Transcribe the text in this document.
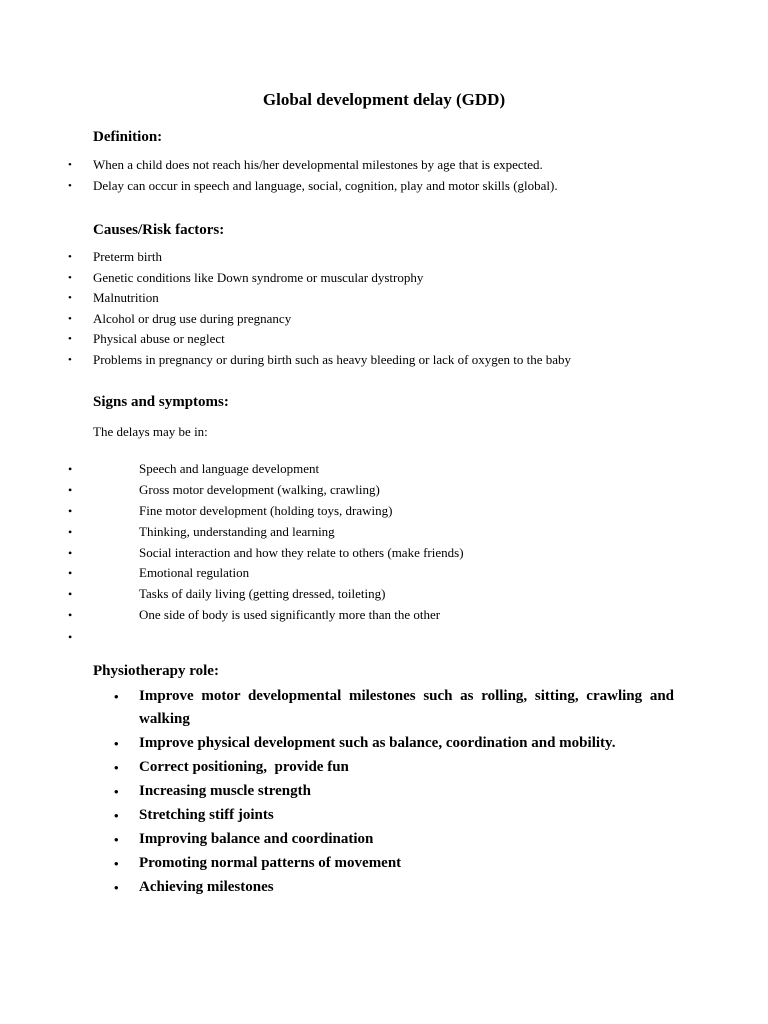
Global development delay (GDD)
Definition:
• When a child does not reach his/her developmental milestones by age that is expected.
• Delay can occur in speech and language, social, cognition, play and motor skills (global).
Causes/Risk factors:
• Preterm birth
• Genetic conditions like Down syndrome or muscular dystrophy
• Malnutrition
• Alcohol or drug use during pregnancy
• Physical abuse or neglect
• Problems in pregnancy or during birth such as heavy bleeding or lack of oxygen to the baby
Signs and symptoms:
The delays may be in:
•	Speech and language development
•	Gross motor development (walking, crawling)
•	Fine motor development (holding toys, drawing)
•	Thinking, understanding and learning
•	Social interaction and how they relate to others (make friends)
•	Emotional regulation
•	Tasks of daily living (getting dressed, toileting)
•	One side of body is used significantly more than the other
•
Physiotherapy role:
• Improve motor developmental milestones such as rolling, sitting, crawling and walking
• Improve physical development such as balance, coordination and mobility.
• Correct positioning,  provide fun
• Increasing muscle strength
• Stretching stiff joints
• Improving balance and coordination
• Promoting normal patterns of movement
• Achieving milestones
